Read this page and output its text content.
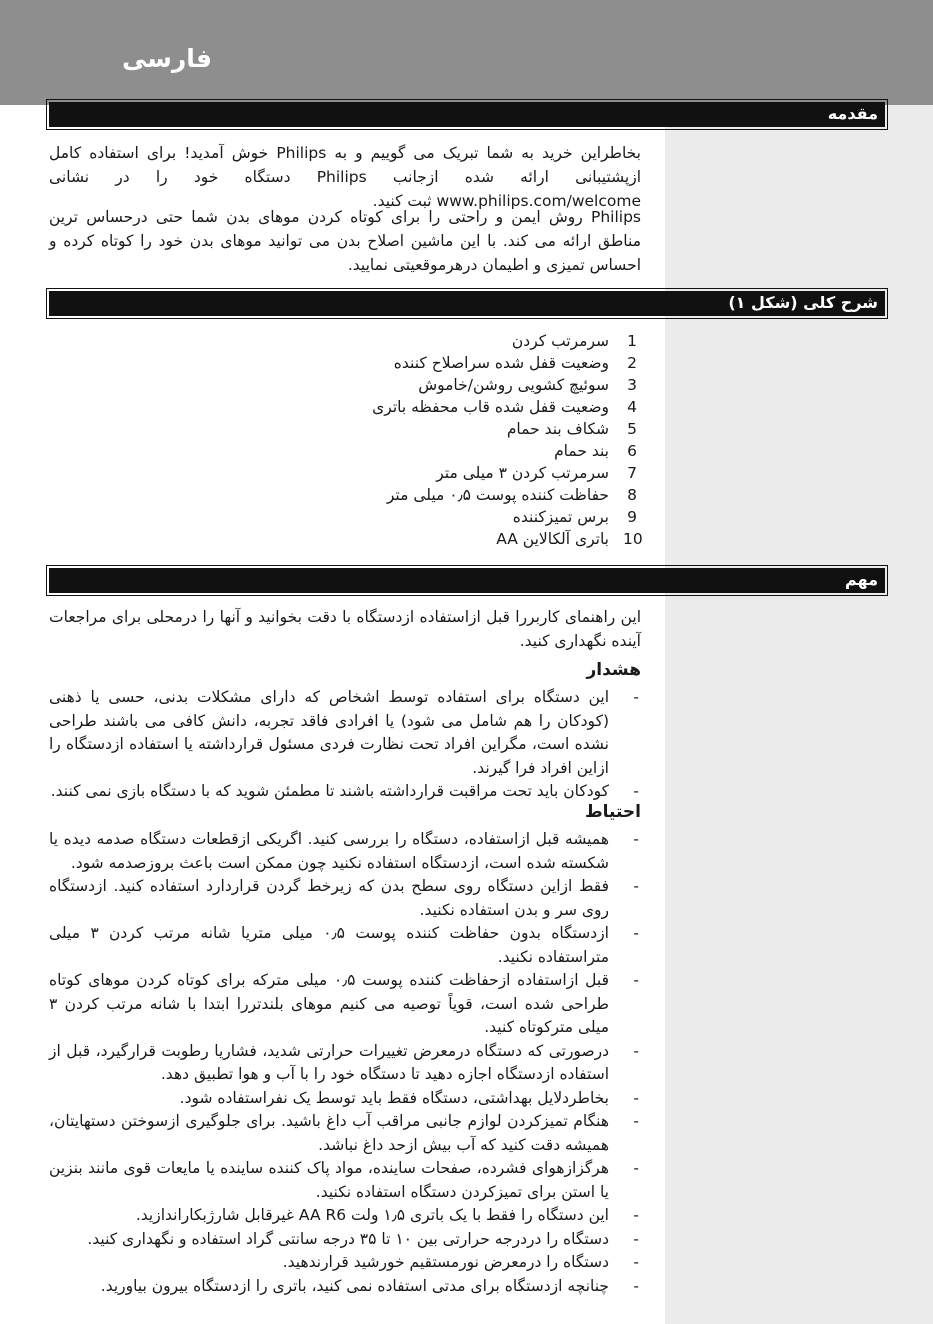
فارسی
مقدمه
بخاطراین خرید به شما تبریک می گوییم و به Philips خوش آمدید! برای استفاده کامل ازپشتیبانی ارائه شده ازجانب Philips دستگاه خود را در نشانی www.philips.com/welcome ثبت کنید.
Philips روش ایمن و راحتی را برای کوتاه کردن موهای بدن شما حتی درحساس ترین مناطق ارائه می کند. با این ماشین اصلاح بدن می توانید موهای بدن خود را کوتاه کرده و احساس تمیزی و اطیمان درهرموقعیتی نمایید.
شرح کلی (شکل ۱)
1
سرمرتب کردن
2
وضعیت قفل شده سراصلاح کننده
3
سوئیچ کشویی روشن/خاموش
4
وضعیت قفل شده قاب محفظه باتری
5
شکاف بند حمام
6
بند حمام
7
سرمرتب کردن ۳ میلی متر
8
حفاظت کننده پوست ۰٫۵ میلی متر
9
برس تمیزکننده
10
باتری آلکالاین AA
مهم
این راهنمای کاربررا قبل ازاستفاده ازدستگاه با دقت بخوانید و آنها را درمحلی برای مراجعات آینده نگهداری کنید.
هشدار
-
این دستگاه برای استفاده توسط اشخاص که دارای مشکلات بدنی، حسی یا ذهنی (کودکان را هم شامل می شود) یا افرادی فاقد تجربه، دانش کافی می باشند طراحی نشده است، مگراین افراد تحت نظارت فردی مسئول قرارداشته یا استفاده ازدستگاه را ازاین افراد فرا گیرند.
-
کودکان باید تحت مراقبت قرارداشته باشند تا مطمئن شوید که با دستگاه بازی نمی کنند.
احتیاط
-
همیشه قبل ازاستفاده، دستگاه را بررسی کنید. اگریکی ازقطعات دستگاه صدمه دیده یا شکسته شده است، ازدستگاه استفاده نکنید چون ممکن است باعث بروزصدمه شود.
-
فقط ازاین دستگاه روی سطح بدن که زیرخط گردن قراردارد استفاده کنید. ازدستگاه روی سر و بدن استفاده نکنید.
-
ازدستگاه بدون حفاظت کننده پوست ۰٫۵ میلی متریا شانه مرتب کردن ۳ میلی متراستفاده نکنید.
-
قبل ازاستفاده ازحفاظت کننده پوست ۰٫۵ میلی مترکه برای کوتاه کردن موهای کوتاه طراحی شده است، قویاً توصیه می کنیم موهای بلندتررا ابتدا با شانه مرتب کردن ۳ میلی مترکوتاه کنید.
-
درصورتی که دستگاه درمعرض تغییرات حرارتی شدید، فشاریا رطوبت قرارگیرد، قبل از استفاده ازدستگاه اجازه دهید تا دستگاه خود را با آب و هوا تطبیق دهد.
-
بخاطردلایل بهداشتی، دستگاه فقط باید توسط یک نفراستفاده شود.
-
هنگام تمیزکردن لوازم جانبی مراقب آب داغ باشید. برای جلوگیری ازسوختن دستهایتان، همیشه دقت کنید که آب بیش ازحد داغ نباشد.
-
هرگزازهوای فشرده، صفحات ساینده، مواد پاک کننده ساینده یا مایعات قوی مانند بنزین یا استن برای تمیزکردن دستگاه استفاده نکنید.
-
این دستگاه را فقط با یک باتری ۱٫۵ ولت AA R6 غیرقابل شارژبکاراندازید.
-
دستگاه را دردرجه حرارتی بین ۱۰ تا ۳۵ درجه سانتی گراد استفاده و نگهداری کنید.
-
دستگاه را درمعرض نورمستقیم خورشید قرارندهید.
-
چنانچه ازدستگاه برای مدتی استفاده نمی کنید، باتری را ازدستگاه بیرون بیاورید.
